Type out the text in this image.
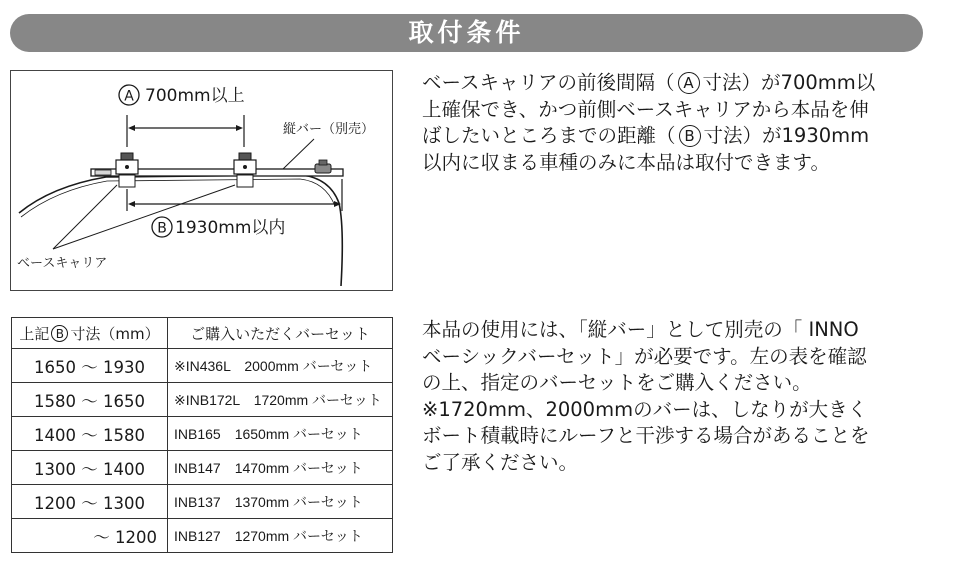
取付条件
A 700mm以上
縦バー（別売）
B 1930mm以内
ベースキャリア
ベースキャリアの前後間隔（ A 寸法）が700mm以
上確保でき、かつ前側ベースキャリアから本品を伸
ばしたいところまでの距離（ B 寸法）が1930mm
以内に収まる車種のみに本品は取付できます。
本品の使用には、「縦バー」として別売の「 INNO
ベーシックバーセット」が必要です。左の表を確認
の上、指定のバーセットをご購入ください。
※1720mm、2000mmのバーは、しなりが大きく
ボート積載時にルーフと干渉する場合があることを
ご了承ください。
上記 B 寸法（mm）	ご購入いただくバーセット
1650 ～ 1930	※IN436L　2000mm バーセット
1580 ～ 1650	※INB172L　1720mm バーセット
1400 ～ 1580	INB165　1650mm バーセット
1300 ～ 1400	INB147　1470mm バーセット
1200 ～ 1300	INB137　1370mm バーセット
～ 1200	INB127　1270mm バーセット
